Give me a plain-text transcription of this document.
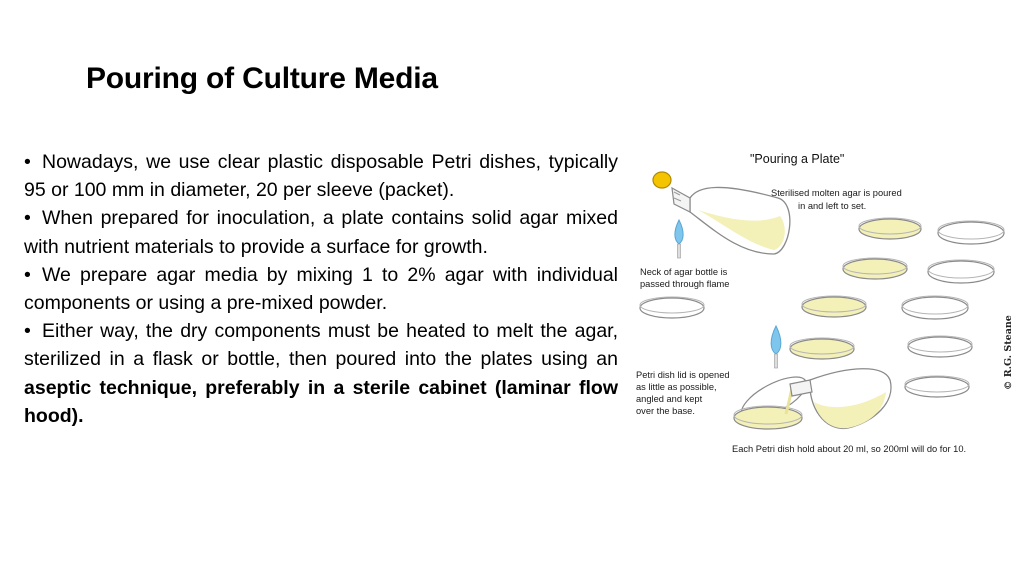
Pouring of Culture Media

• Nowadays, we use clear plastic disposable Petri dishes, typically 95 or 100 mm in diameter, 20 per sleeve (packet).

• When prepared for inoculation, a plate contains solid agar mixed with nutrient materials to provide a surface for growth.

• We prepare agar media by mixing 1 to 2% agar with individual components or using a pre-mixed powder.

• Either way, the dry components must be heated to melt the agar, sterilized in a flask or bottle, then poured into the plates using an aseptic technique, preferably in a sterile cabinet (laminar flow hood).

"Pouring a Plate"
Sterilised molten agar is poured
in and left to set.
Neck of agar bottle is
passed through flame
Petri dish lid is opened
as little as possible,
angled and kept
over the base.
Each Petri dish hold about 20 ml, so 200ml will do for 10.
© R.G. Steane
